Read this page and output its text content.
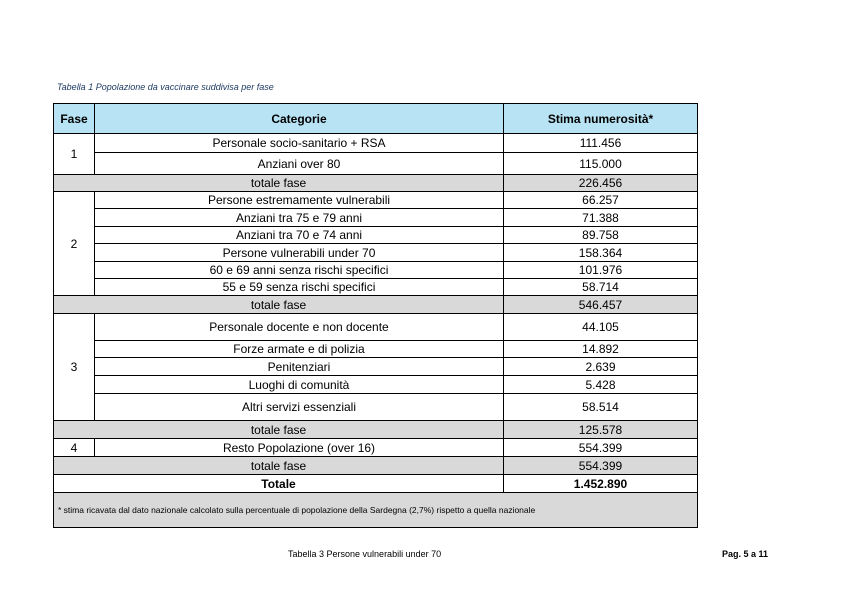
Tabella 1 Popolazione da vaccinare suddivisa per fase
Fase	Categorie	Stima numerosità*
1	Personale socio-sanitario + RSA	111.456
	Anziani over 80	115.000
totale fase		226.456
2	Persone estremamente vulnerabili	66.257
	Anziani tra 75 e 79 anni	71.388
	Anziani tra 70 e 74 anni	89.758
	Persone vulnerabili under 70	158.364
	60 e 69 anni senza rischi specifici	101.976
	55 e 59 senza rischi specifici	58.714
totale fase		546.457
3	Personale docente e non docente	44.105
	Forze armate e di polizia	14.892
	Penitenziari	2.639
	Luoghi di comunità	5.428
	Altri servizi essenziali	58.514
totale fase		125.578
4	Resto Popolazione (over 16)	554.399
totale fase		554.399
Totale		1.452.890
* stima ricavata dal dato nazionale calcolato sulla percentuale di popolazione della Sardegna (2,7%) rispetto a quella nazionale		
Tabella 3 Persone vulnerabili under 70	Pag. 5 a 11
